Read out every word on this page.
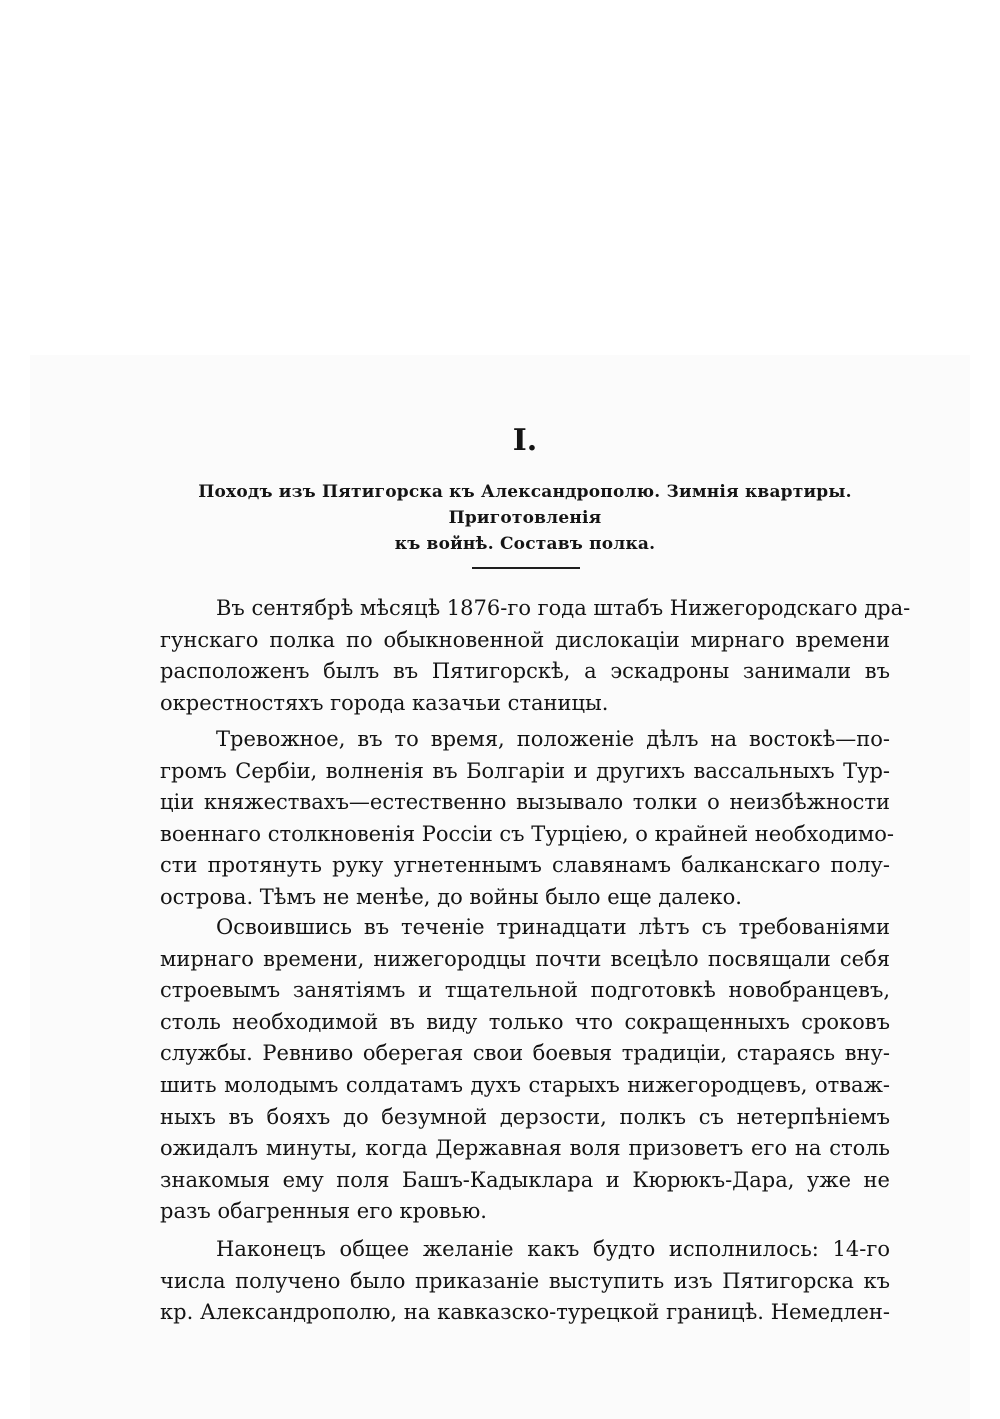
I.
Походъ изъ Пятигорска къ Александрополю. Зимнія квартиры. Приготовленія
къ войнѣ. Составъ полка.
Въ сентябрѣ мѣсяцѣ 1876-го года штабъ Нижегородскаго дра-
гунскаго полка по обыкновенной дислокаціи мирнаго времени
расположенъ былъ въ Пятигорскѣ, а эскадроны занимали въ
окрестностяхъ города казачьи станицы.
Тревожное, въ то время, положеніе дѣлъ на востокѣ—по-
громъ Сербіи, волненія въ Болгаріи и другихъ вассальныхъ Тур-
ціи княжествахъ—естественно вызывало толки о неизбѣжности
военнаго столкновенія Россіи съ Турціею, о крайней необходимо-
сти протянуть руку угнетеннымъ славянамъ балканскаго полу-
острова. Тѣмъ не менѣе, до войны было еще далеко.
Освоившись въ теченіе тринадцати лѣтъ съ требованіями
мирнаго времени, нижегородцы почти всецѣло посвящали себя
строевымъ занятіямъ и тщательной подготовкѣ новобранцевъ,
столь необходимой въ виду только что сокращенныхъ сроковъ
службы. Ревниво оберегая свои боевыя традиціи, стараясь вну-
шить молодымъ солдатамъ духъ старыхъ нижегородцевъ, отваж-
ныхъ въ бояхъ до безумной дерзости, полкъ съ нетерпѣніемъ
ожидалъ минуты, когда Державная воля призоветъ его на столь
знакомыя ему поля Башъ-Кадыклара и Кюрюкъ-Дара, уже не
разъ обагренныя его кровью.
Наконецъ общее желаніе какъ будто исполнилось: 14-го
числа получено было приказаніе выступить изъ Пятигорска къ
кр. Александрополю, на кавказско-турецкой границѣ. Немедлен-
